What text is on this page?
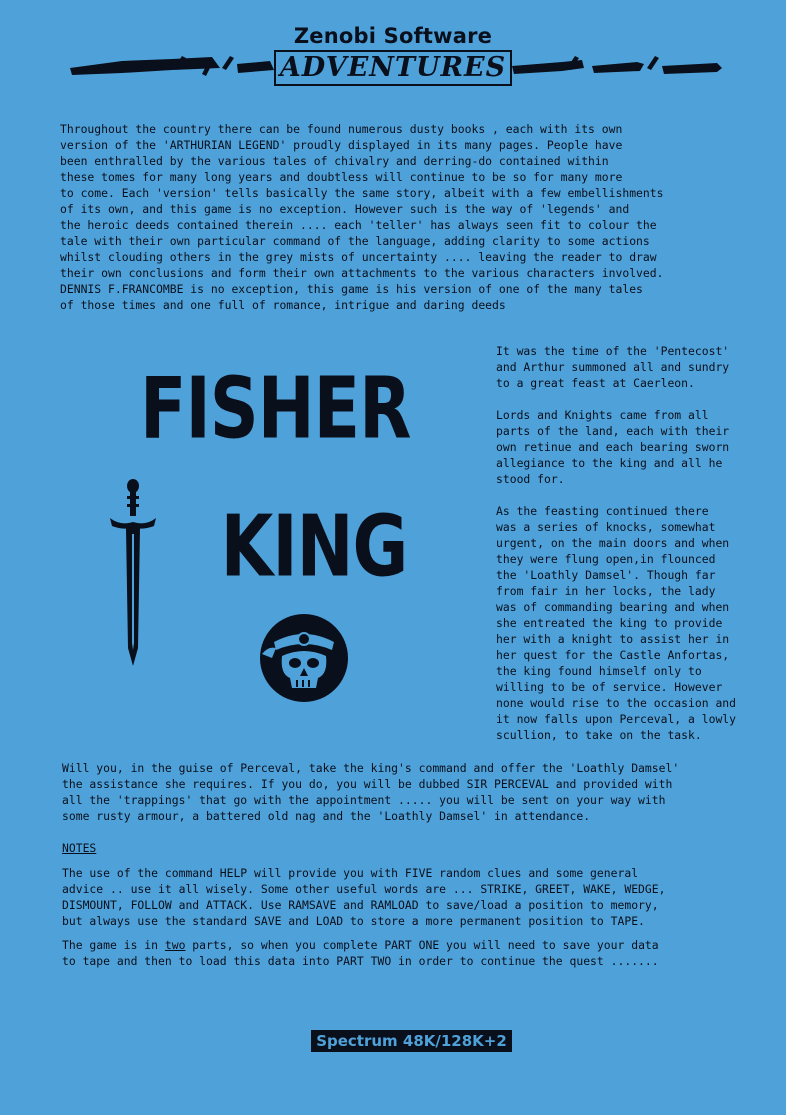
Zenobi Software
ADVENTURES

Throughout the country there can be found numerous dusty books , each with its own

version of the 'ARTHURIAN LEGEND' proudly displayed in its many pages. People have

been enthralled by the various tales of chivalry and derring-do contained within

these tomes for many long years and doubtless will continue to be so for many more

to come. Each 'version' tells basically the same story, albeit with a few embellishments

of its own, and this game is no exception. However such is the way of 'legends' and

the heroic deeds contained therein .... each 'teller' has always seen fit to colour the

tale with their own particular command of the language, adding clarity to some actions

whilst clouding others in the grey mists of uncertainty .... leaving the reader to draw

their own conclusions and form their own attachments to the various characters involved.

DENNIS F.FRANCOMBE is no exception, this game is his version of one of the many tales

of those times and one full of romance, intrigue and daring deeds

FISHER
KING

It was the time of the 'Pentecost'
and Arthur summoned all and sundry
to a great feast at Caerleon.

Lords and Knights came from all
parts of the land, each with their
own retinue and each bearing sworn
allegiance to the king and all he
stood for.

As the feasting continued there
was a series of knocks, somewhat
urgent, on the main doors and when
they were flung open,in flounced
the 'Loathly Damsel'. Though far
from fair in her locks, the lady
was of commanding bearing and when
she entreated the king to provide
her with a knight to assist her in
her quest for the Castle Anfortas,
the king found himself only to
willing to be of service. However
none would rise to the occasion and
it now falls upon Perceval, a lowly
scullion, to take on the task.

Will you, in the guise of Perceval, take the king's command and offer the 'Loathly Damsel'
the assistance she requires. If you do, you will be dubbed SIR PERCEVAL and provided with
all the 'trappings' that go with the appointment ..... you will be sent on your way with
some rusty armour, a battered old nag and the 'Loathly Damsel' in attendance.
NOTES
The use of the command HELP will provide you with FIVE random clues and some general
advice .. use it all wisely. Some other useful words are ... STRIKE, GREET, WAKE, WEDGE,
DISMOUNT, FOLLOW and ATTACK. Use RAMSAVE and RAMLOAD to save/load a position to memory,
but always use the standard SAVE and LOAD to store a more permanent position to TAPE.
The game is in two parts, so when you complete PART ONE you will need to save your data
to tape and then to load this data into PART TWO in order to continue the quest .......
Spectrum 48K/128K+2
